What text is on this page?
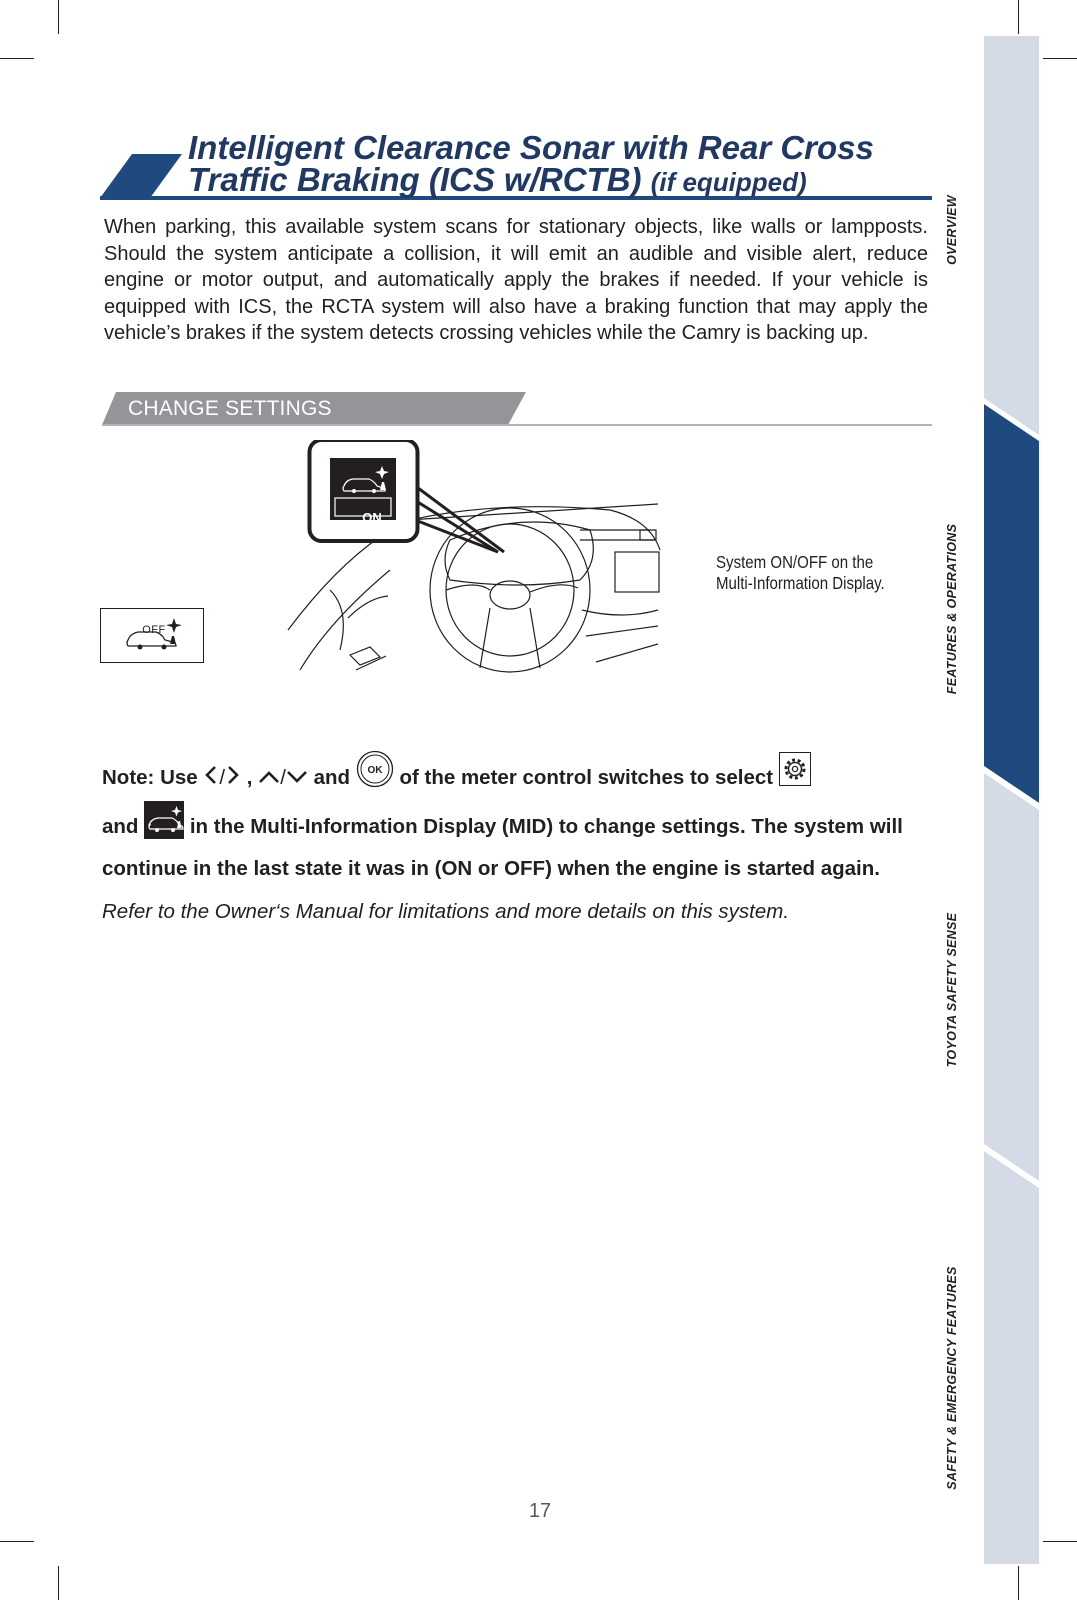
OVERVIEW
FEATURES & OPERATIONS
TOYOTA SAFETY SENSE
SAFETY & EMERGENCY FEATURES
Intelligent Clearance Sonar with Rear Cross
Traffic Braking (ICS w/RCTB) (if equipped)

When parking, this available system scans for stationary objects, like walls or lampposts. Should the system anticipate a collision, it will emit an audible and visible alert, reduce engine or motor output, and automatically apply the brakes if needed. If your vehicle is equipped with ICS, the RCTA system will also have a braking function that may apply the vehicle’s brakes if the system detects crossing vehicles while the Camry is backing up.

CHANGE SETTINGS
OFF
ON
System ON/OFF on the
Multi-Information Display.

Note: Use / , / and OK of the meter control switches to select
and	in the Multi-Information Display (MID) to change settings. The system will continue in the last state it was in (ON or OFF) when the engine is started again.

Refer to the Owner‘s Manual for limitations and more details on this system.
17
